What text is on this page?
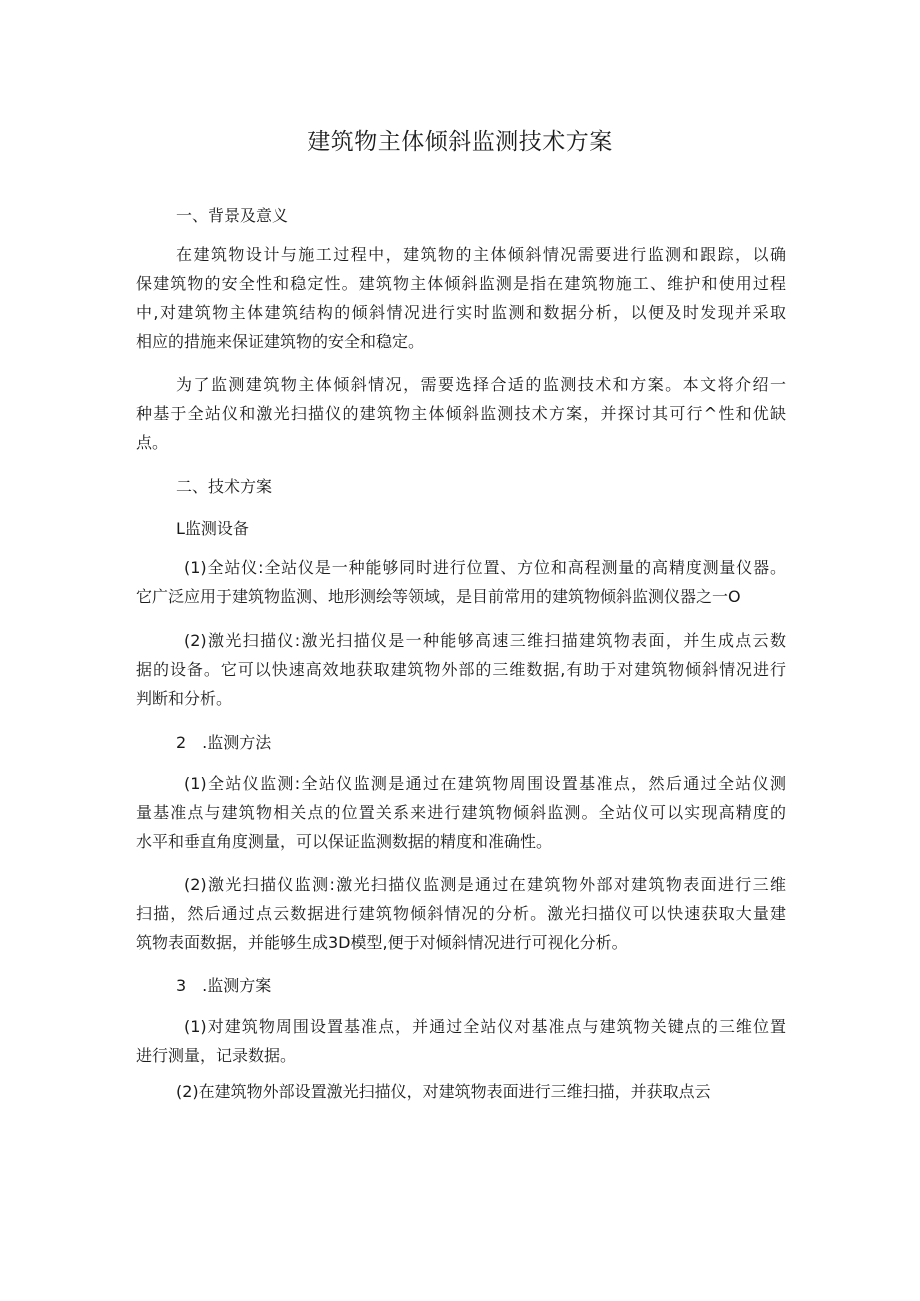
建筑物主体倾斜监测技术方案
一、背景及意义
在建筑物设计与施工过程中，建筑物的主体倾斜情况需要进行监测和跟踪，以确
保建筑物的安全性和稳定性。建筑物主体倾斜监测是指在建筑物施工、维护和使用过程
中,对建筑物主体建筑结构的倾斜情况进行实时监测和数据分析，以便及时发现并采取
相应的措施来保证建筑物的安全和稳定。
为了监测建筑物主体倾斜情况，需要选择合适的监测技术和方案。本文将介绍一
种基于全站仪和激光扫描仪的建筑物主体倾斜监测技术方案，并探讨其可行^性和优缺
点。
二、技术方案
L监测设备
(1)全站仪:全站仪是一种能够同时进行位置、方位和高程测量的高精度测量仪器。
它广泛应用于建筑物监测、地形测绘等领域，是目前常用的建筑物倾斜监测仪器之一O
(2)激光扫描仪:激光扫描仪是一种能够高速三维扫描建筑物表面，并生成点云数
据的设备。它可以快速高效地获取建筑物外部的三维数据,有助于对建筑物倾斜情况进行
判断和分析。
2　.监测方法
(1)全站仪监测:全站仪监测是通过在建筑物周围设置基准点，然后通过全站仪测
量基准点与建筑物相关点的位置关系来进行建筑物倾斜监测。全站仪可以实现高精度的
水平和垂直角度测量，可以保证监测数据的精度和准确性。
(2)激光扫描仪监测:激光扫描仪监测是通过在建筑物外部对建筑物表面进行三维
扫描，然后通过点云数据进行建筑物倾斜情况的分析。激光扫描仪可以快速获取大量建
筑物表面数据，并能够生成3D模型,便于对倾斜情况进行可视化分析。
3　.监测方案
(1)对建筑物周围设置基准点，并通过全站仪对基准点与建筑物关键点的三维位置
进行测量，记录数据。
(2)在建筑物外部设置激光扫描仪，对建筑物表面进行三维扫描，并获取点云
